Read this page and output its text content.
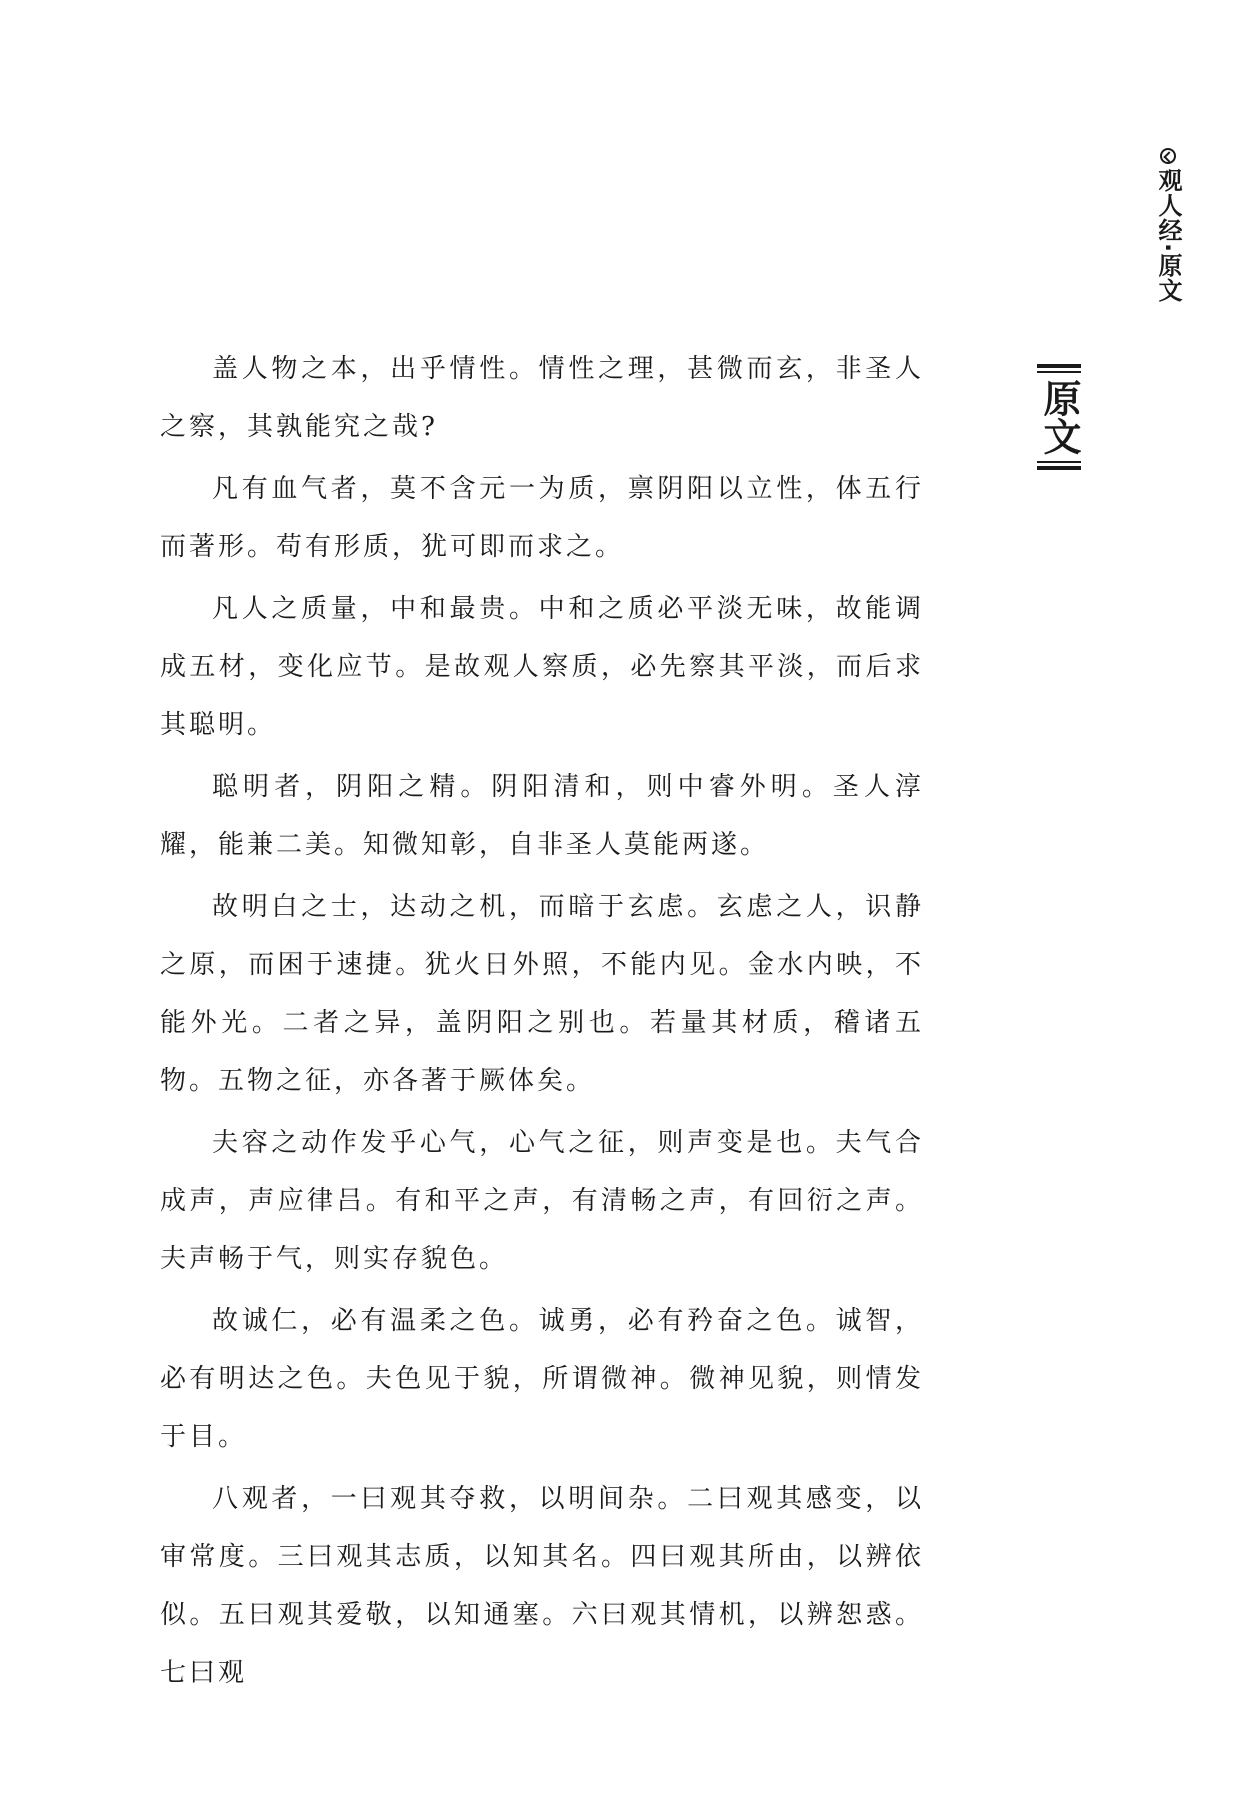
观人经·原文
原文

盖人物之本，出乎情性。情性之理，甚微而玄，非圣人之察，其孰能究之哉?

凡有血气者，莫不含元一为质，禀阴阳以立性，体五行而著形。苟有形质，犹可即而求之。

凡人之质量，中和最贵。中和之质必平淡无味，故能调成五材，变化应节。是故观人察质，必先察其平淡，而后求其聪明。

聪明者，阴阳之精。阴阳清和，则中睿外明。圣人淳耀，能兼二美。知微知彰，自非圣人莫能两遂。

故明白之士，达动之机，而暗于玄虑。玄虑之人，识静之原，而困于速捷。犹火日外照，不能内见。金水内映，不能外光。二者之异，盖阴阳之别也。若量其材质，稽诸五物。五物之征，亦各著于厥体矣。

夫容之动作发乎心气，心气之征，则声变是也。夫气合成声，声应律吕。有和平之声，有清畅之声，有回衍之声。夫声畅于气，则实存貌色。

故诚仁，必有温柔之色。诚勇，必有矜奋之色。诚智，必有明达之色。夫色见于貌，所谓微神。微神见貌，则情发于目。

八观者，一曰观其夺救，以明间杂。二曰观其感变，以审常度。三曰观其志质，以知其名。四曰观其所由，以辨依似。五曰观其爱敬，以知通塞。六曰观其情机，以辨恕惑。七曰观
